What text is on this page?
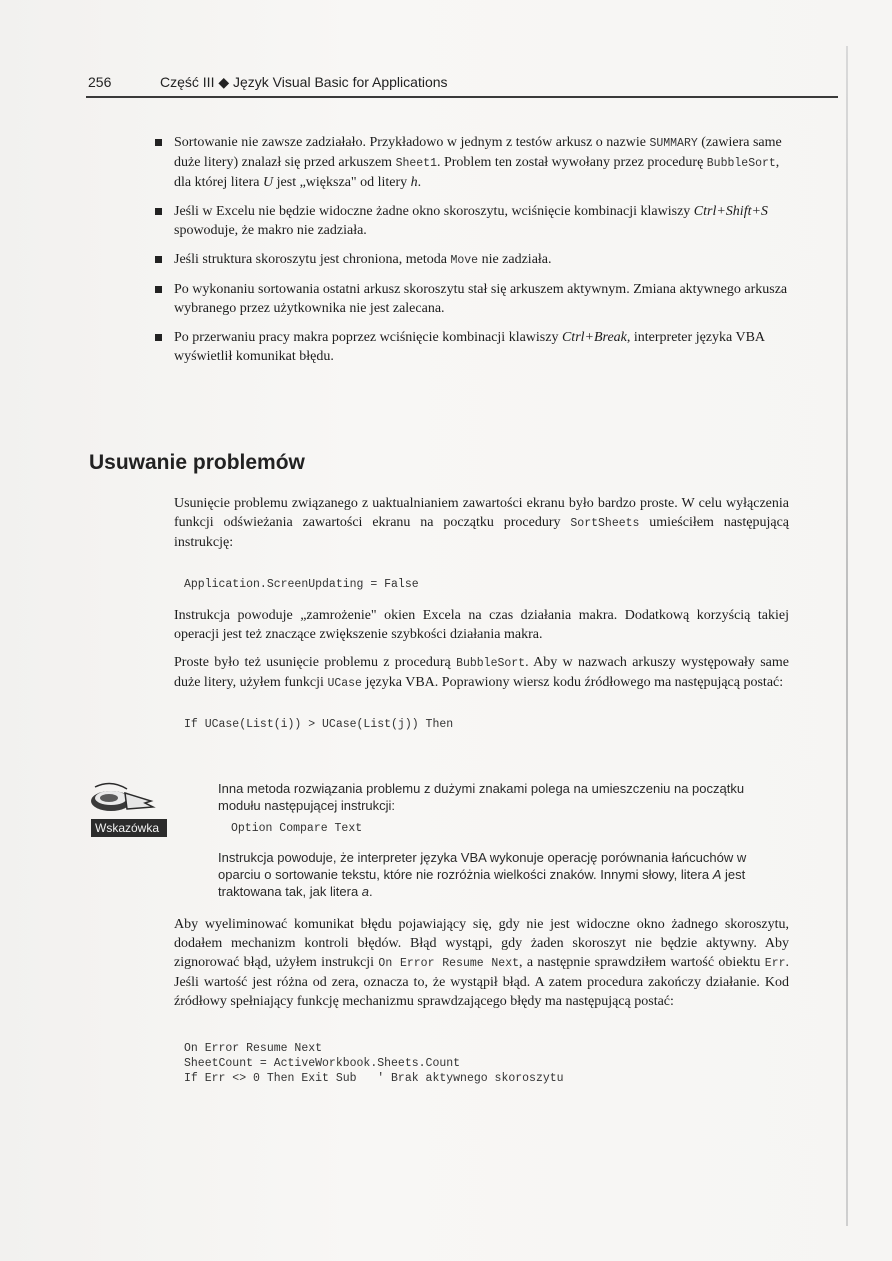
256	Część III ◆ Język Visual Basic for Applications
Sortowanie nie zawsze zadziałało. Przykładowo w jednym z testów arkusz o nazwie SUMMARY (zawiera same duże litery) znalazł się przed arkuszem Sheet1. Problem ten został wywołany przez procedurę BubbleSort, dla której litera U jest „większa" od litery h.
Jeśli w Excelu nie będzie widoczne żadne okno skoroszytu, wciśnięcie kombinacji klawiszy Ctrl+Shift+S spowoduje, że makro nie zadziała.
Jeśli struktura skoroszytu jest chroniona, metoda Move nie zadziała.
Po wykonaniu sortowania ostatni arkusz skoroszytu stał się arkuszem aktywnym. Zmiana aktywnego arkusza wybranego przez użytkownika nie jest zalecana.
Po przerwaniu pracy makra poprzez wciśnięcie kombinacji klawiszy Ctrl+Break, interpreter języka VBA wyświetlił komunikat błędu.
Usuwanie problemów
Usunięcie problemu związanego z uaktualnianiem zawartości ekranu było bardzo proste. W celu wyłączenia funkcji odświeżania zawartości ekranu na początku procedury SortSheets umieściłem następującą instrukcję:
Application.ScreenUpdating = False
Instrukcja powoduje „zamrożenie" okien Excela na czas działania makra. Dodatkową korzyścią takiej operacji jest też znaczące zwiększenie szybkości działania makra.
Proste było też usunięcie problemu z procedurą BubbleSort. Aby w nazwach arkuszy występowały same duże litery, użyłem funkcji UCase języka VBA. Poprawiony wiersz kodu źródłowego ma następującą postać:
If UCase(List(i)) > UCase(List(j)) Then
Wskazówka
Inna metoda rozwiązania problemu z dużymi znakami polega na umieszczeniu na początku modułu następującej instrukcji:
Option Compare Text
Instrukcja powoduje, że interpreter języka VBA wykonuje operację porównania łańcuchów w oparciu o sortowanie tekstu, które nie rozróżnia wielkości znaków. Innymi słowy, litera A jest traktowana tak, jak litera a.
Aby wyeliminować komunikat błędu pojawiający się, gdy nie jest widoczne okno żadnego skoroszytu, dodałem mechanizm kontroli błędów. Błąd wystąpi, gdy żaden skoroszyt nie będzie aktywny. Aby zignorować błąd, użyłem instrukcji On Error Resume Next, a następnie sprawdziłem wartość obiektu Err. Jeśli wartość jest różna od zera, oznacza to, że wystąpił błąd. A zatem procedura zakończy działanie. Kod źródłowy spełniający funkcję mechanizmu sprawdzającego błędy ma następującą postać:
On Error Resume Next
SheetCount = ActiveWorkbook.Sheets.Count
If Err <> 0 Then Exit Sub   ' Brak aktywnego skoroszytu
